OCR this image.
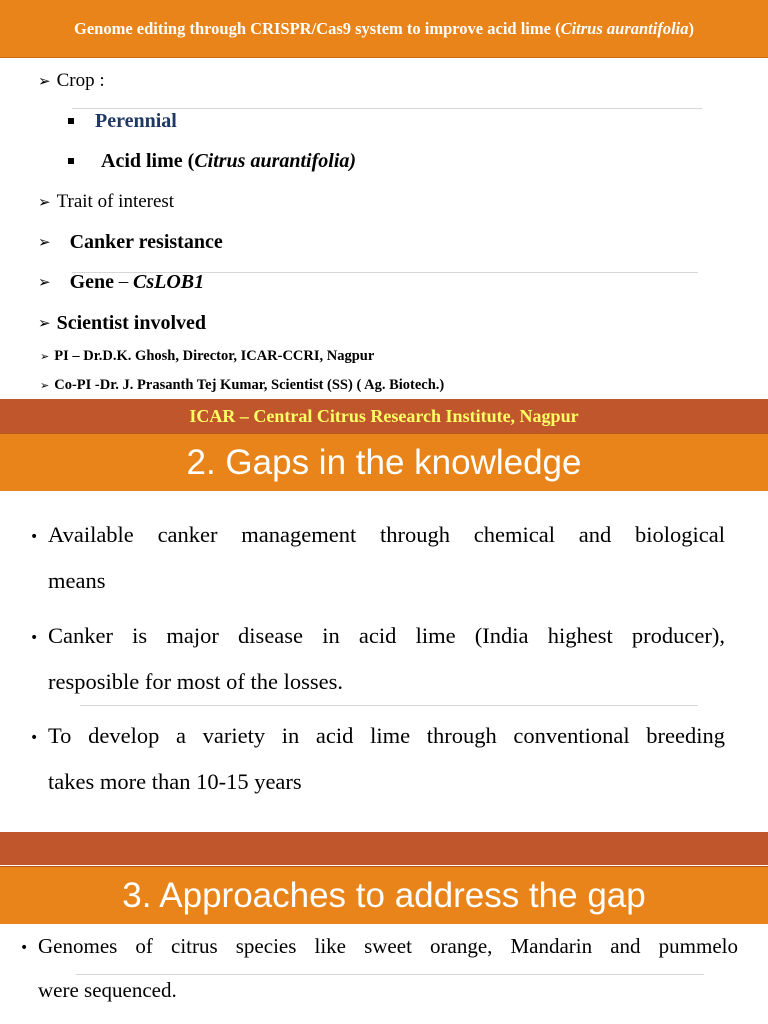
Genome editing through CRISPR/Cas9 system to improve acid lime ( Citrus aurantifolia )
➢ Crop :
Perennial
Acid lime (Citrus aurantifolia)
➢ Trait of interest
➢ Canker resistance
➢ Gene – CsLOB1
➢ Scientist involved
➢ PI – Dr.D.K. Ghosh, Director, ICAR-CCRI, Nagpur
➢ Co-PI -Dr. J. Prasanth Tej Kumar, Scientist (SS) ( Ag. Biotech.)
ICAR – Central Citrus Research Institute, Nagpur
2. Gaps in the knowledge
• Available canker management through chemical and biological
means
• Canker is major disease in acid lime (India highest producer),
resposible for most of the losses.
• To develop a variety in acid lime through conventional breeding
takes more than 10-15 years
3. Approaches to address the gap
• Genomes of citrus species like sweet orange, Mandarin and pummelo
were sequenced.
